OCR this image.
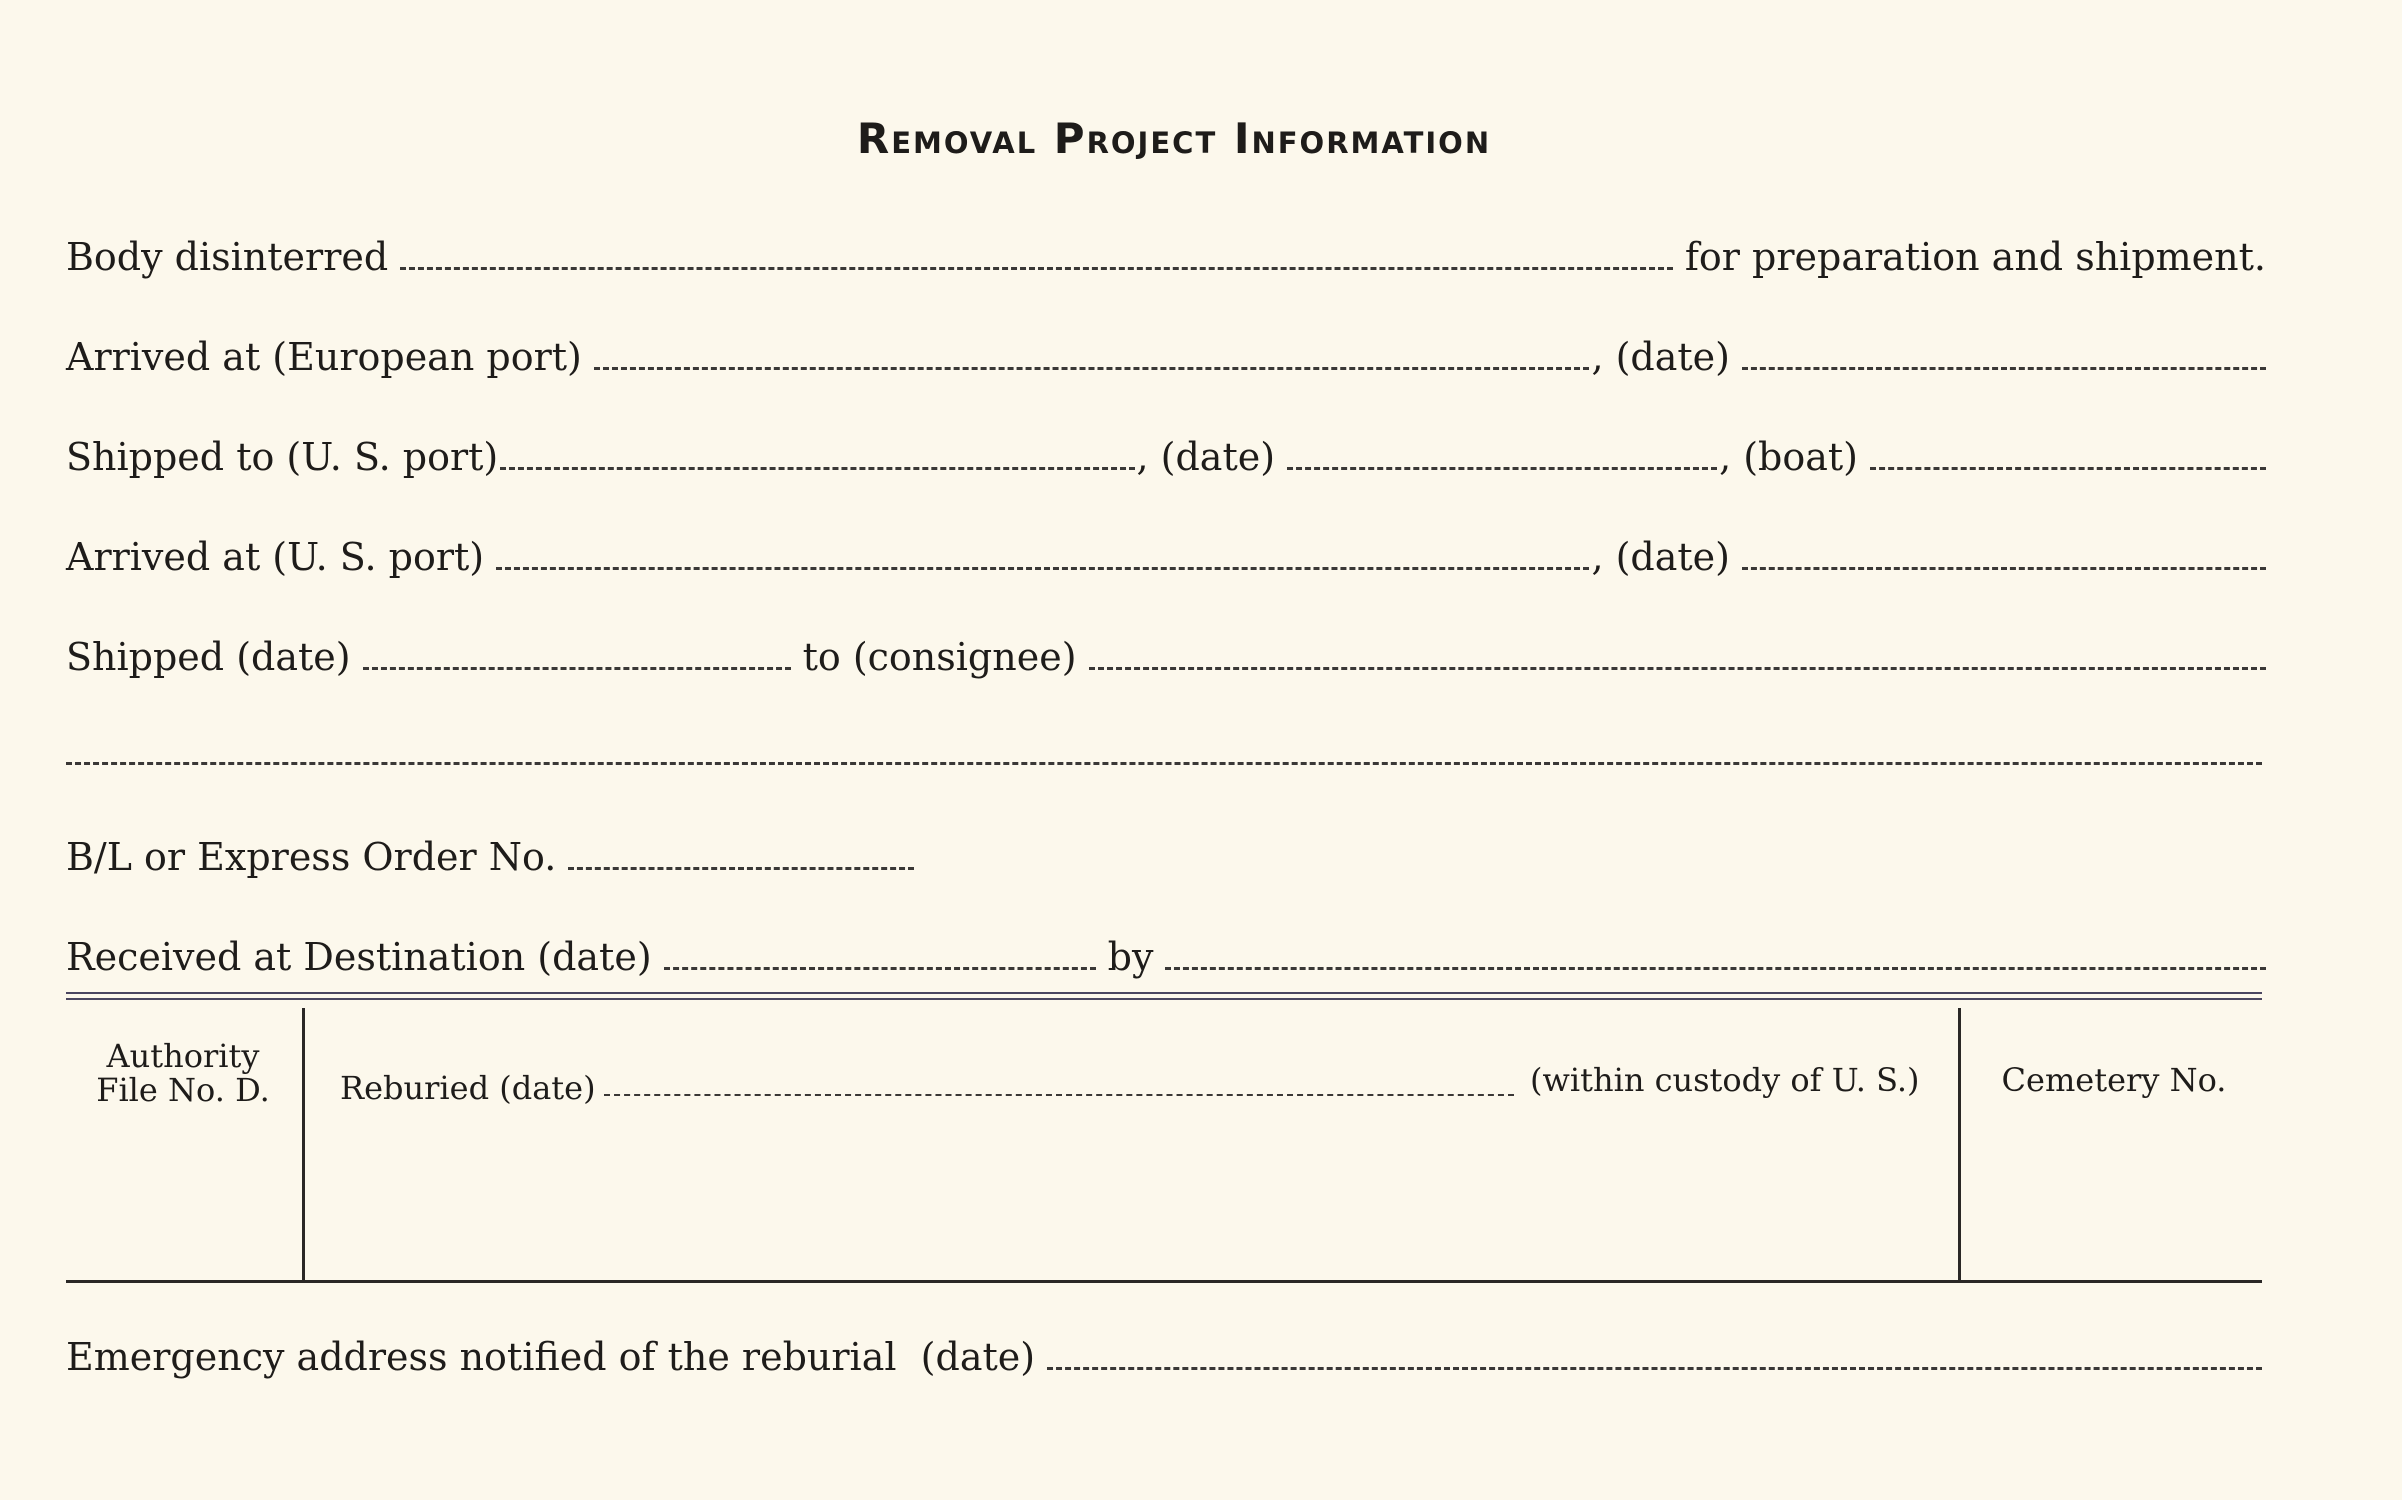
Removal Project Information
Body disinterred	for preparation and shipment.
Arrived at (European port)	, (date)
Shipped to (U. S. port)	, (date)	, (boat)
Arrived at (U. S. port)	, (date)
Shipped (date)	to (consignee)
B/L or Express Order No.
Received at Destination (date)	by
Authority
File No. D.	Reburied (date)	(within custody of U. S.)	Cemetery No.
Emergency address notified of the reburial  (date)
